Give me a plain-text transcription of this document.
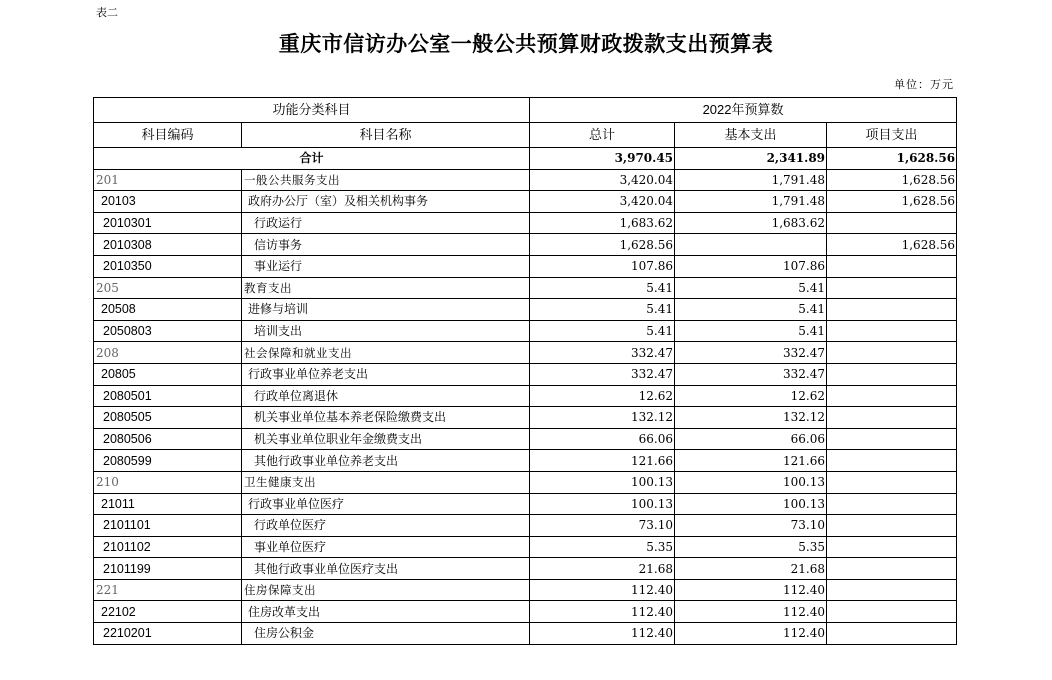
表二
重庆市信访办公室一般公共预算财政拨款支出预算表
单位：万元
功能分类科目		2022年预算数		
科目编码	科目名称	总计	基本支出	项目支出
合计		3,970.45	2,341.89	1,628.56
201	一般公共服务支出	3,420.04	1,791.48	1,628.56
20103	政府办公厅（室）及相关机构事务	3,420.04	1,791.48	1,628.56
2010301	行政运行	1,683.62	1,683.62	
2010308	信访事务	1,628.56		1,628.56
2010350	事业运行	107.86	107.86	
205	教育支出	5.41	5.41	
20508	进修与培训	5.41	5.41	
2050803	培训支出	5.41	5.41	
208	社会保障和就业支出	332.47	332.47	
20805	行政事业单位养老支出	332.47	332.47	
2080501	行政单位离退休	12.62	12.62	
2080505	机关事业单位基本养老保险缴费支出	132.12	132.12	
2080506	机关事业单位职业年金缴费支出	66.06	66.06	
2080599	其他行政事业单位养老支出	121.66	121.66	
210	卫生健康支出	100.13	100.13	
21011	行政事业单位医疗	100.13	100.13	
2101101	行政单位医疗	73.10	73.10	
2101102	事业单位医疗	5.35	5.35	
2101199	其他行政事业单位医疗支出	21.68	21.68	
221	住房保障支出	112.40	112.40	
22102	住房改革支出	112.40	112.40	
2210201	住房公积金	112.40	112.40	
